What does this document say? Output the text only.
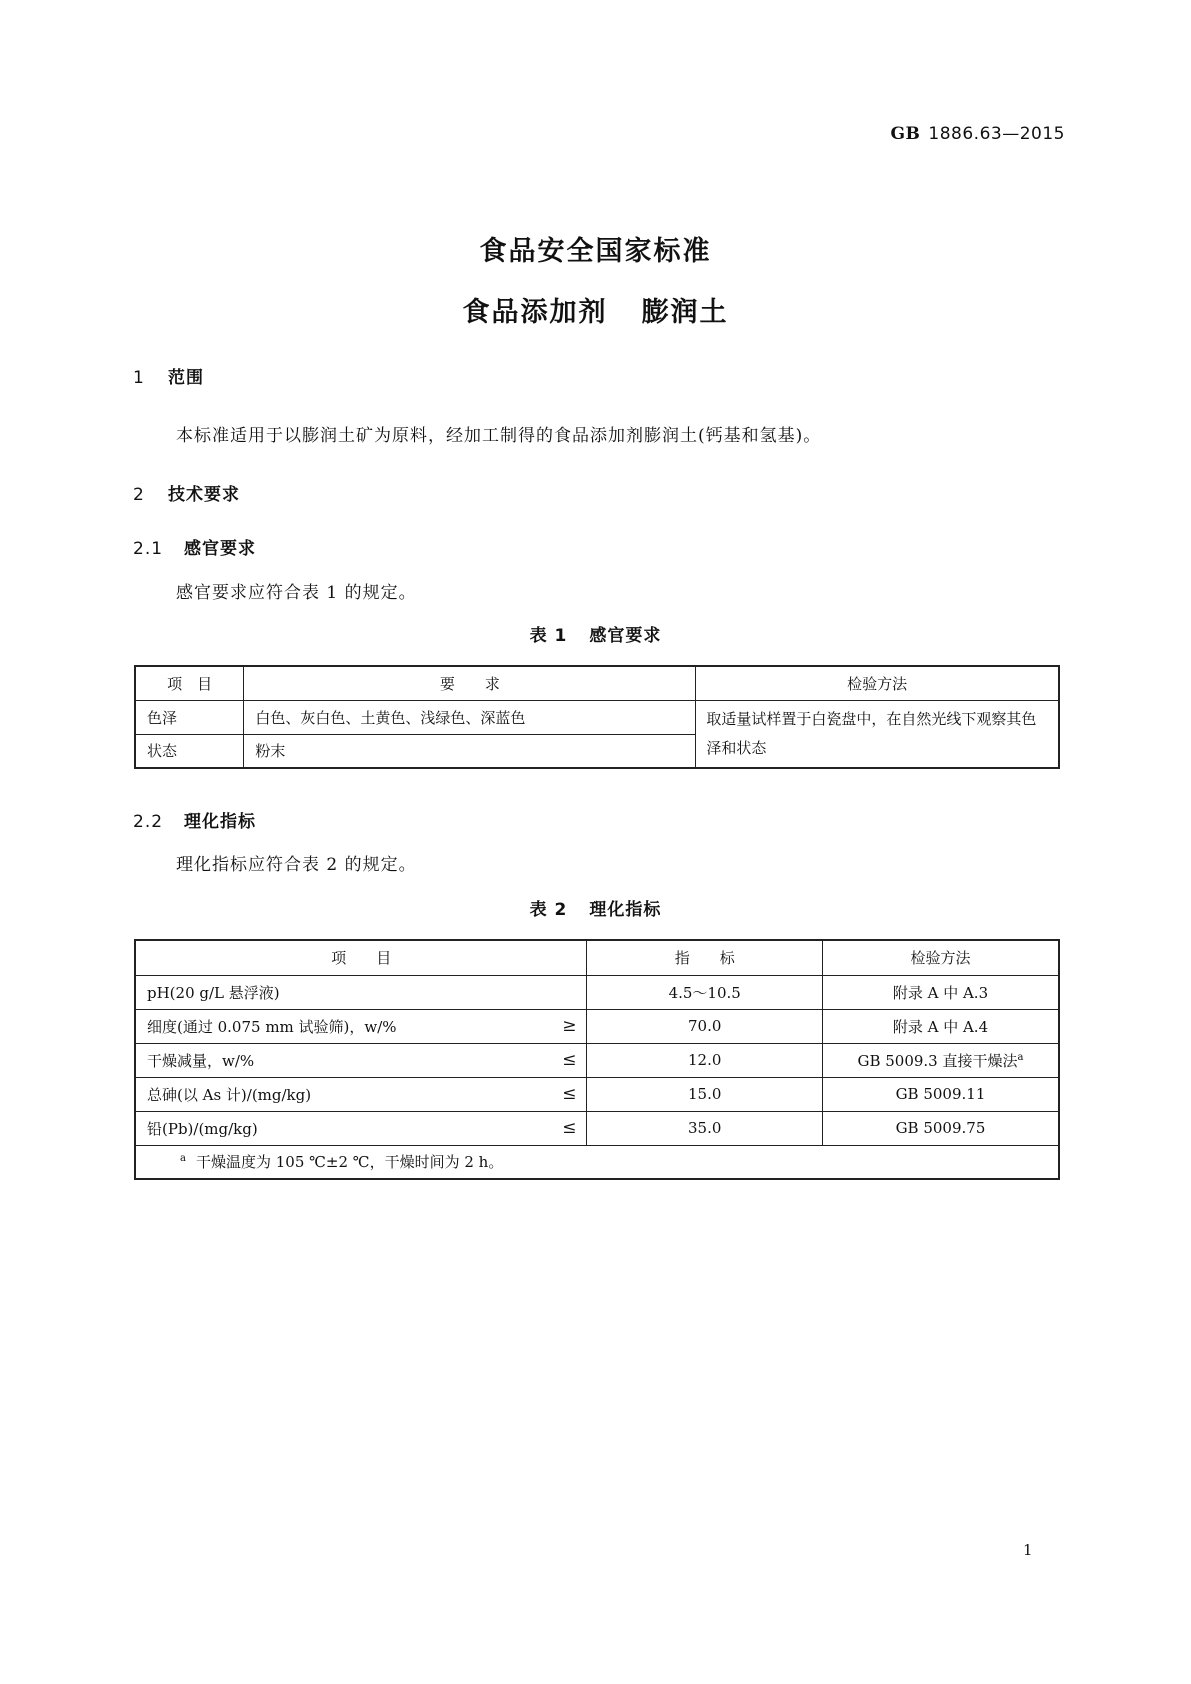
GB 1886.63—2015
食品安全国家标准
食品添加剂 膨润土
1 范围
本标准适用于以膨润土矿为原料，经加工制得的食品添加剂膨润土(钙基和氢基)。
2 技术要求
2.1 感官要求
感官要求应符合表 1 的规定。
表 1 感官要求
项　目	要　　求	检验方法
色泽	白色、灰白色、土黄色、浅绿色、深蓝色	取适量试样置于白瓷盘中，在自然光线下观察其色泽和状态
状态	粉末	
2.2 理化指标
理化指标应符合表 2 的规定。
表 2 理化指标
项　　目	指　　标	检验方法
pH(20 g/L 悬浮液)	4.5～10.5	附录 A 中 A.3
细度(通过 0.075 mm 试验筛)，w/% ≥	70.0	附录 A 中 A.4
干燥减量，w/% ≤	12.0	GB 5009.3 直接干燥法$^a$
总砷(以 As 计)/(mg/kg) ≤	15.0	GB 5009.11
铅(Pb)/(mg/kg) ≤	35.0	GB 5009.75
$^a$ 干燥温度为 105 ℃±2 ℃，干燥时间为 2 h。		
1
